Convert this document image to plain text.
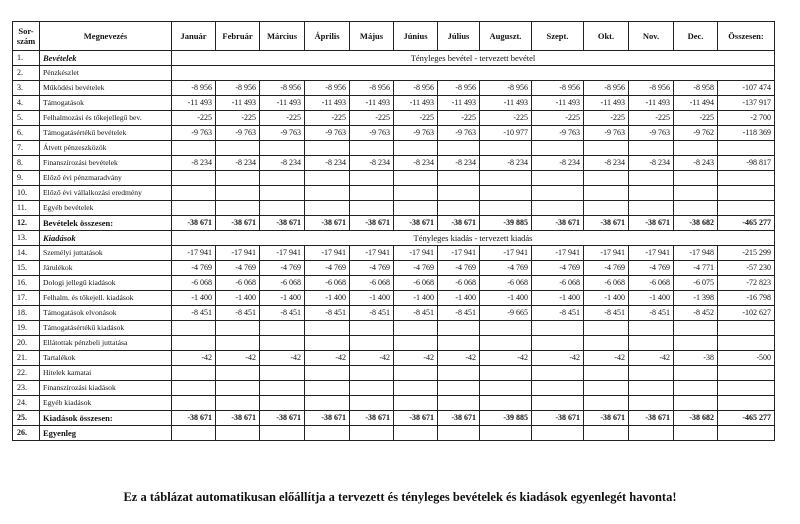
Sor-
szám	Megnevezés	Január	Február	Március	Április	Május	Június	Július	Auguszt.	Szept.	Okt.	Nov.	Dec.	Összesen:
1.	Bevételek	Tényleges bevétel - tervezett bevétel												
2.	Pénzkészlet													
3.	Működési bevételek	-8 956	-8 956	-8 956	-8 956	-8 956	-8 956	-8 956	-8 956	-8 956	-8 956	-8 956	-8 958	-107 474
4.	Támogatások	-11 493	-11 493	-11 493	-11 493	-11 493	-11 493	-11 493	-11 493	-11 493	-11 493	-11 493	-11 494	-137 917
5.	Felhalmozási és tőkejellegű bev.	-225	-225	-225	-225	-225	-225	-225	-225	-225	-225	-225	-225	-2 700
6.	Támogatásértékű bevételek	-9 763	-9 763	-9 763	-9 763	-9 763	-9 763	-9 763	-10 977	-9 763	-9 763	-9 763	-9 762	-118 369
7.	Átvett pénzeszközök													
8.	Finanszírozási bevételek	-8 234	-8 234	-8 234	-8 234	-8 234	-8 234	-8 234	-8 234	-8 234	-8 234	-8 234	-8 243	-98 817
9.	Előző évi pénzmaradvány													
10.	Előző évi vállalkozási eredmény													
11.	Egyéb bevételek													
12.	Bevételek összesen:	-38 671	-38 671	-38 671	-38 671	-38 671	-38 671	-38 671	-39 885	-38 671	-38 671	-38 671	-38 682	-465 277
13.	Kiadások	Tényleges kiadás - tervezett kiadás												
14.	Személyi juttatások	-17 941	-17 941	-17 941	-17 941	-17 941	-17 941	-17 941	-17 941	-17 941	-17 941	-17 941	-17 948	-215 299
15.	Járulékok	-4 769	-4 769	-4 769	-4 769	-4 769	-4 769	-4 769	-4 769	-4 769	-4 769	-4 769	-4 771	-57 230
16.	Dologi jellegű kiadások	-6 068	-6 068	-6 068	-6 068	-6 068	-6 068	-6 068	-6 068	-6 068	-6 068	-6 068	-6 075	-72 823
17.	Felhalm. és tőkejell. kiadások	-1 400	-1 400	-1 400	-1 400	-1 400	-1 400	-1 400	-1 400	-1 400	-1 400	-1 400	-1 398	-16 798
18.	Támogatások elvonások	-8 451	-8 451	-8 451	-8 451	-8 451	-8 451	-8 451	-9 665	-8 451	-8 451	-8 451	-8 452	-102 627
19.	Támogatásértékű kiadások													
20.	Ellátottak pénzbeli juttatása													
21.	Tartalékok	-42	-42	-42	-42	-42	-42	-42	-42	-42	-42	-42	-38	-500
22.	Hitelek kamatai													
23.	Finanszírozási kiadások													
24.	Egyéb kiadások													
25.	Kiadások összesen:	-38 671	-38 671	-38 671	-38 671	-38 671	-38 671	-38 671	-39 885	-38 671	-38 671	-38 671	-38 682	-465 277
26.	Egyenleg													
Ez a táblázat automatikusan előállítja a tervezett és tényleges bevételek és kiadások egyenlegét havonta!
